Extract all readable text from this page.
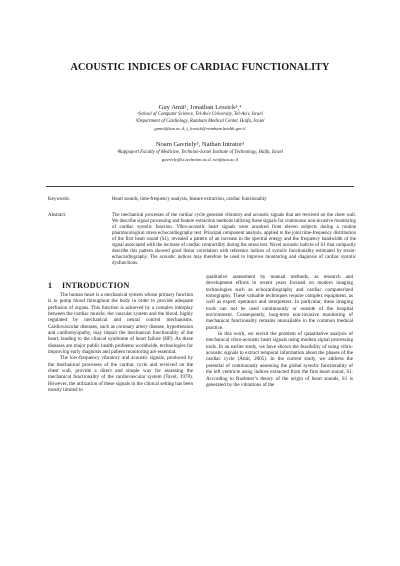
ACOUSTIC INDICES OF CARDIAC FUNCTIONALITY
Guy Amit¹, Jonathan Lessick²ˎ³
¹School of Computer Science, Tel-Aviv University, Tel-Aviv, Israel
²Department of Cardiology, Rambam Medical Center, Haifa, Israel
gamit@tau.ac.il, j_lessick@rambam.health.gov.il
Noam Gavriely³, Nathan Intrator¹
³Rappaport Faculty of Medicine, Technion-Israel Institute of Technology, Haifa, Israel
gavriely@tx.technion.ac.il, nin@tau.ac.il
Keywords:	Heart sounds, time-frequency analysis, feature extraction, cardiac functionality
Abstract:	The mechanical processes of the cardiac cycle generate vibratory and acoustic signals that are received on the chest wall. We describe signal processing and feature extraction methods utilizing these signals for continuous non-invasive monitoring of cardiac systolic function. Vibro-acoustic heart signals were acquired from eleven subjects during a routine pharmacological stress echocardiography test. Principal component analysis, applied to the joint time-frequency distribution of the first heart sound (S1), revealed a pattern of an increase in the spectral energy and the frequency bandwidth of the signal associated with the increase of cardiac contractility during the stress test. Novel acoustic indices of S1 that compactly describe this pattern showed good linear correlation with reference indices of systolic functionality estimated by strain-echocardiography. The acoustic indices may therefore be used to improve monitoring and diagnosis of cardiac systolic dysfunctions.
1 INTRODUCTION

The human heart is a mechanical system whose primary function is to pump blood throughout the body in order to provide adequate perfusion of organs. This function is achieved by a complex interplay between the cardiac muscle, the vascular system and the blood, highly regulated by mechanical and neural control mechanisms. Cardiovascular diseases, such as coronary artery disease, hypertension and cardiomyopathy, may impair the mechanical functionality of the heart, leading to the clinical syndrome of heart failure (HF). As these diseases are major public health problems worldwide, technologies for improving early diagnosis and patient monitoring are essential.

The low-frequency vibratory and acoustic signals, produced by the mechanical processes of the cardiac cycle and received on the chest wall, provide a direct and simple way for assessing the mechanical functionality of the cardiovascular system (Tavel, 1978). However, the utilization of these signals in the clinical setting has been mostly limited to

qualitative assessment by manual methods, as research and development efforts in recent years focused on modern imaging technologies such as echocardiography and cardiac computerized tomography. These valuable techniques require complex equipment, as well as expert operators and interpreters. In particular, these imaging tools can not be used continuously or outside of the hospital environment. Consequently, long-term non-invasive monitoring of mechanical functionality remains unavailable in the common medical practice.

In this work, we revisit the problem of quantitative analysis of mechanical vibro-acoustic heart signals using modern signal processing tools. In an earlier study, we have shown the feasibility of using vibro-acoustic signals to extract temporal information about the phases of the cardiac cycle (Amit, 2005). In the current study, we address the potential of continuously assessing the global systolic functionality of the left ventricle using indices extracted from the first heart sound, S1. According to Rushmer’s theory of the origin of heart sounds, S1 is generated by the vibrations of the
